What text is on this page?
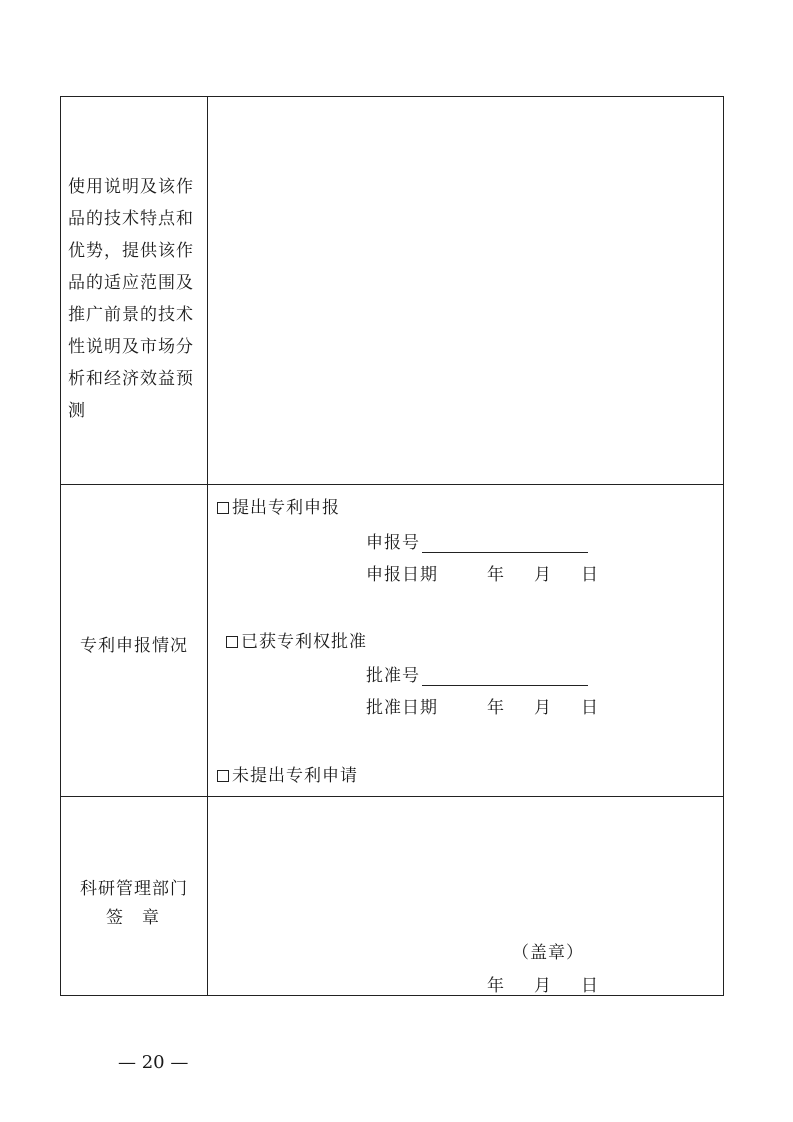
使用说明及该作
品的技术特点和
优势，提供该作
品的适应范围及
推广前景的技术
性说明及市场分
析和经济效益预
测
专利申报情况
提出专利申报
申报号
申报日期	年 月 日
已获专利权批准
批准号
批准日期	年 月 日
未提出专利申请
科研管理部门
签　章
（盖章）
年 月 日
— 20 —
